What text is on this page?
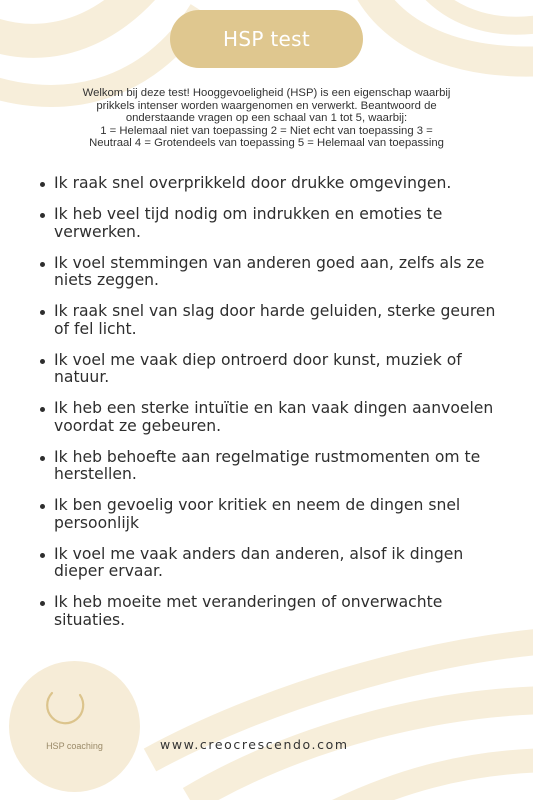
HSP test

Welkom bij deze test! Hooggevoeligheid (HSP) is een eigenschap waarbij

prikkels intenser worden waargenomen en verwerkt. Beantwoord de

onderstaande vragen op een schaal van 1 tot 5, waarbij:

1 = Helemaal niet van toepassing 2 = Niet echt van toepassing 3 =

Neutraal 4 = Grotendeels van toepassing 5 = Helemaal van toepassing

Ik raak snel overprikkeld door drukke omgevingen.
Ik heb veel tijd nodig om indrukken en emoties te verwerken.
Ik voel stemmingen van anderen goed aan, zelfs als ze niets zeggen.
Ik raak snel van slag door harde geluiden, sterke geuren of fel licht.
Ik voel me vaak diep ontroerd door kunst, muziek of natuur.
Ik heb een sterke intuïtie en kan vaak dingen aanvoelen voordat ze gebeuren.
Ik heb behoefte aan regelmatige rustmomenten om te herstellen.
Ik ben gevoelig voor kritiek en neem de dingen snel persoonlijk
Ik voel me vaak anders dan anderen, alsof ik dingen dieper ervaar.
Ik heb moeite met veranderingen of onverwachte situaties.
HSP coaching	www.creocrescendo.com
